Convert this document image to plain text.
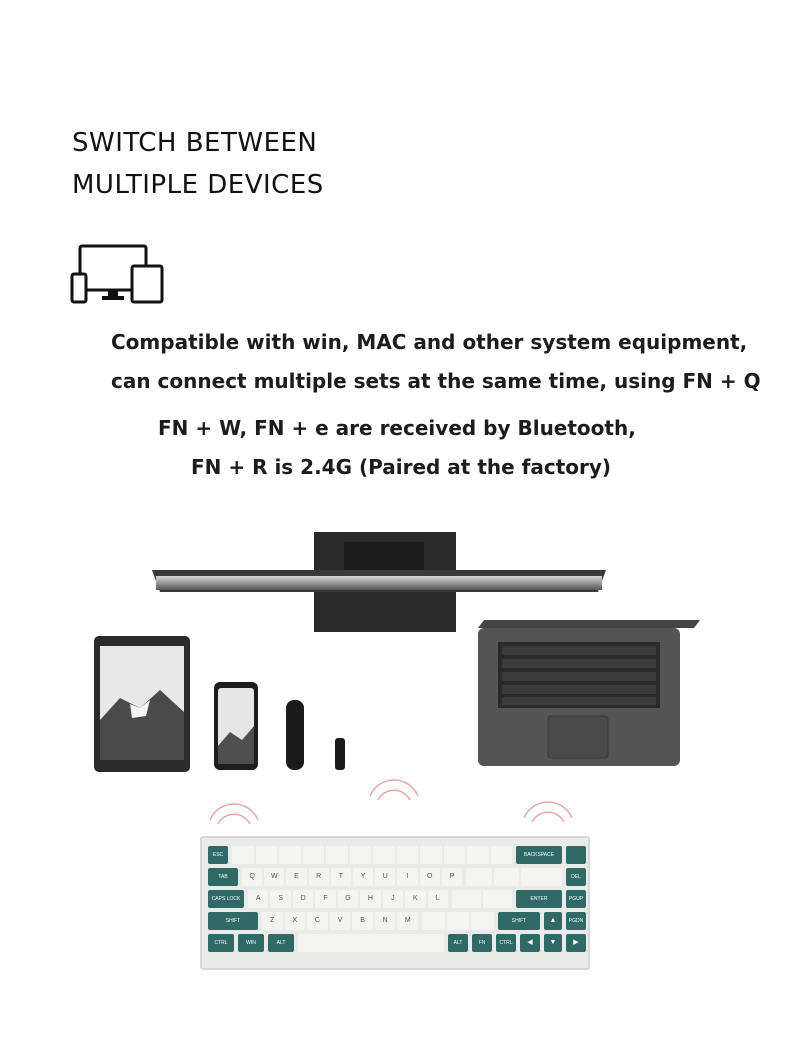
SWITCH BETWEEN
MULTIPLE DEVICES
Compatible with win, MAC and other system equipment,
can connect multiple sets at the same time, using FN + Q
FN + W, FN + e are received by Bluetooth,
FN + R is 2.4G (Paired at the factory)
ESC	BACKSPACE
TAB	Q	W	E	R	T	Y	U	I	O	P	DEL
CAPS LOCK	A	S	D	F	G	H	J	K	L	ENTER	PGUP
SHIFT	Z	X	C	V	B	N	M	SHIFT	▲	PGDN
CTRL	WIN	ALT	ALT	FN	CTRL	◀	▼	▶
